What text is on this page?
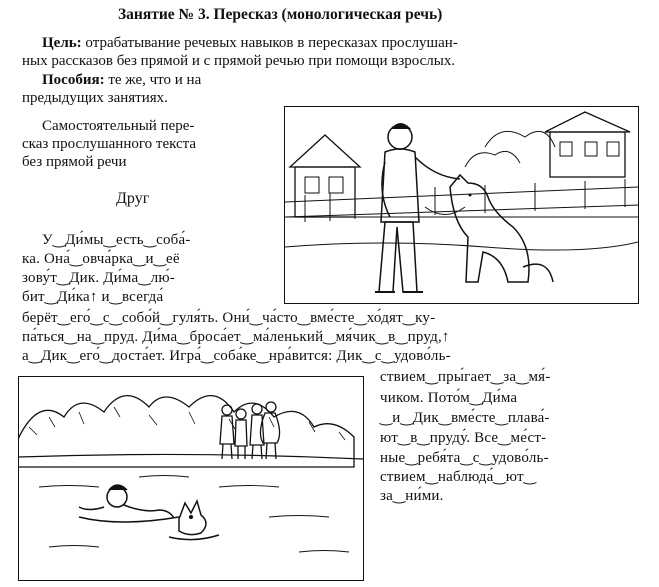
Занятие № 3. Пересказ (монологическая речь)
Цель: отрабатывание речевых навыков в пересказах прослушан-
ных рассказов без прямой и с прямой речью при помощи взрослых.
Пособия: те же, что и на
предыдущих занятиях.
Самостоятельный пере-
сказ прослушанного текста
без прямой речи
Друг
У‿Ди́мы‿есть‿соба́-
ка. Она́‿овча́рка‿и‿её
зову́т‿Дик. Ди́ма‿лю́-
бит‿Ди́ка↑ и‿всегда́
берёт‿его́‿с‿собо́й‿гуля́ть. Они́‿ча́сто‿вме́сте‿хо́дят‿ку-
па́ться‿на‿пруд. Ди́ма‿броса́ет‿ма́ленький‿мя́чик‿в‿пруд,↑
а‿Дик‿его́‿доста́ет. Игра́‿соба́ке‿нра́вится: Дик‿с‿удово́ль-
ствием‿пры́гает‿за‿мя́-
чиком. Пото́м‿Ди́ма
‿и‿Дик‿вме́сте‿плава́-
ют‿в‿пруду́. Все‿ме́ст-
ные‿ребя́та‿с‿удово́ль-
ствием‿наблюда́‿ют‿
за‿ни́ми.
